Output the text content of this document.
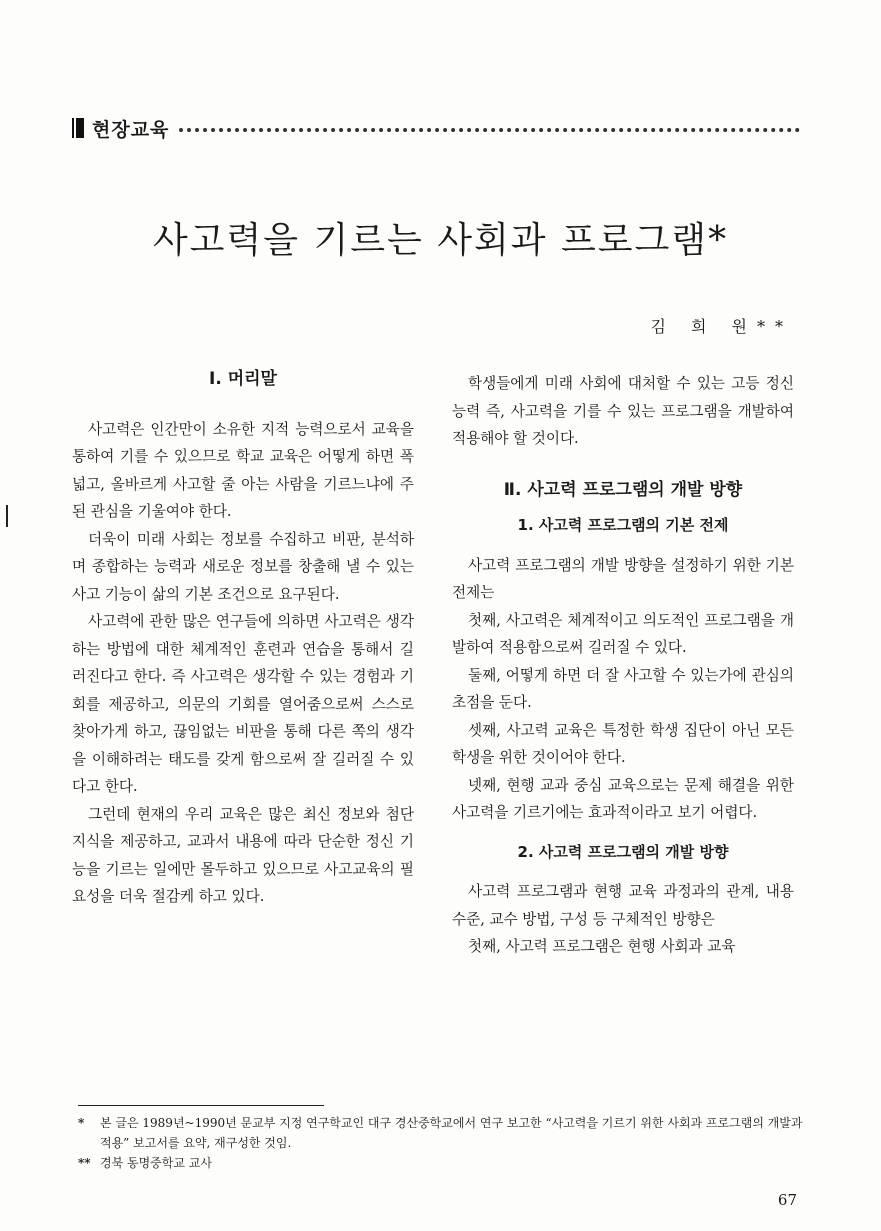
현장교육
사고력을 기르는 사회과 프로그램*
김 희 원**
I. 머리말

사고력은 인간만이 소유한 지적 능력으로서 교육을 통하여 기를 수 있으므로 학교 교육은 어떻게 하면 폭넓고, 올바르게 사고할 줄 아는 사람을 기르느냐에 주된 관심을 기울여야 한다.

더욱이 미래 사회는 정보를 수집하고 비판, 분석하며 종합하는 능력과 새로운 정보를 창출해 낼 수 있는 사고 기능이 삶의 기본 조건으로 요구된다.

사고력에 관한 많은 연구들에 의하면 사고력은 생각하는 방법에 대한 체계적인 훈련과 연습을 통해서 길러진다고 한다. 즉 사고력은 생각할 수 있는 경험과 기회를 제공하고, 의문의 기회를 열어줌으로써 스스로 찾아가게 하고, 끊임없는 비판을 통해 다른 쪽의 생각을 이해하려는 태도를 갖게 함으로써 잘 길러질 수 있다고 한다.

그런데 현재의 우리 교육은 많은 최신 정보와 첨단 지식을 제공하고, 교과서 내용에 따라 단순한 정신 기능을 기르는 일에만 몰두하고 있으므로 사고교육의 필요성을 더욱 절감케 하고 있다.

학생들에게 미래 사회에 대처할 수 있는 고등 정신 능력 즉, 사고력을 기를 수 있는 프로그램을 개발하여 적용해야 할 것이다.

Ⅱ. 사고력 프로그램의 개발 방향
1. 사고력 프로그램의 기본 전제

사고력 프로그램의 개발 방향을 설정하기 위한 기본 전제는

첫째, 사고력은 체계적이고 의도적인 프로그램을 개발하여 적용함으로써 길러질 수 있다.

둘째, 어떻게 하면 더 잘 사고할 수 있는가에 관심의 초점을 둔다.

셋째, 사고력 교육은 특정한 학생 집단이 아닌 모든 학생을 위한 것이어야 한다.

넷째, 현행 교과 중심 교육으로는 문제 해결을 위한 사고력을 기르기에는 효과적이라고 보기 어렵다.

2. 사고력 프로그램의 개발 방향

사고력 프로그램과 현행 교육 과정과의 관계, 내용 수준, 교수 방법, 구성 등 구체적인 방향은

첫째, 사고력 프로그램은 현행 사회과 교육

*	본 글은 1989년~1990년 문교부 지정 연구학교인 대구 경산중학교에서 연구 보고한 “사고력을 기르기 위한 사회과 프로그램의 개발과 적용” 보고서를 요약, 재구성한 것임.
** 경북 동명중학교 교사
67
